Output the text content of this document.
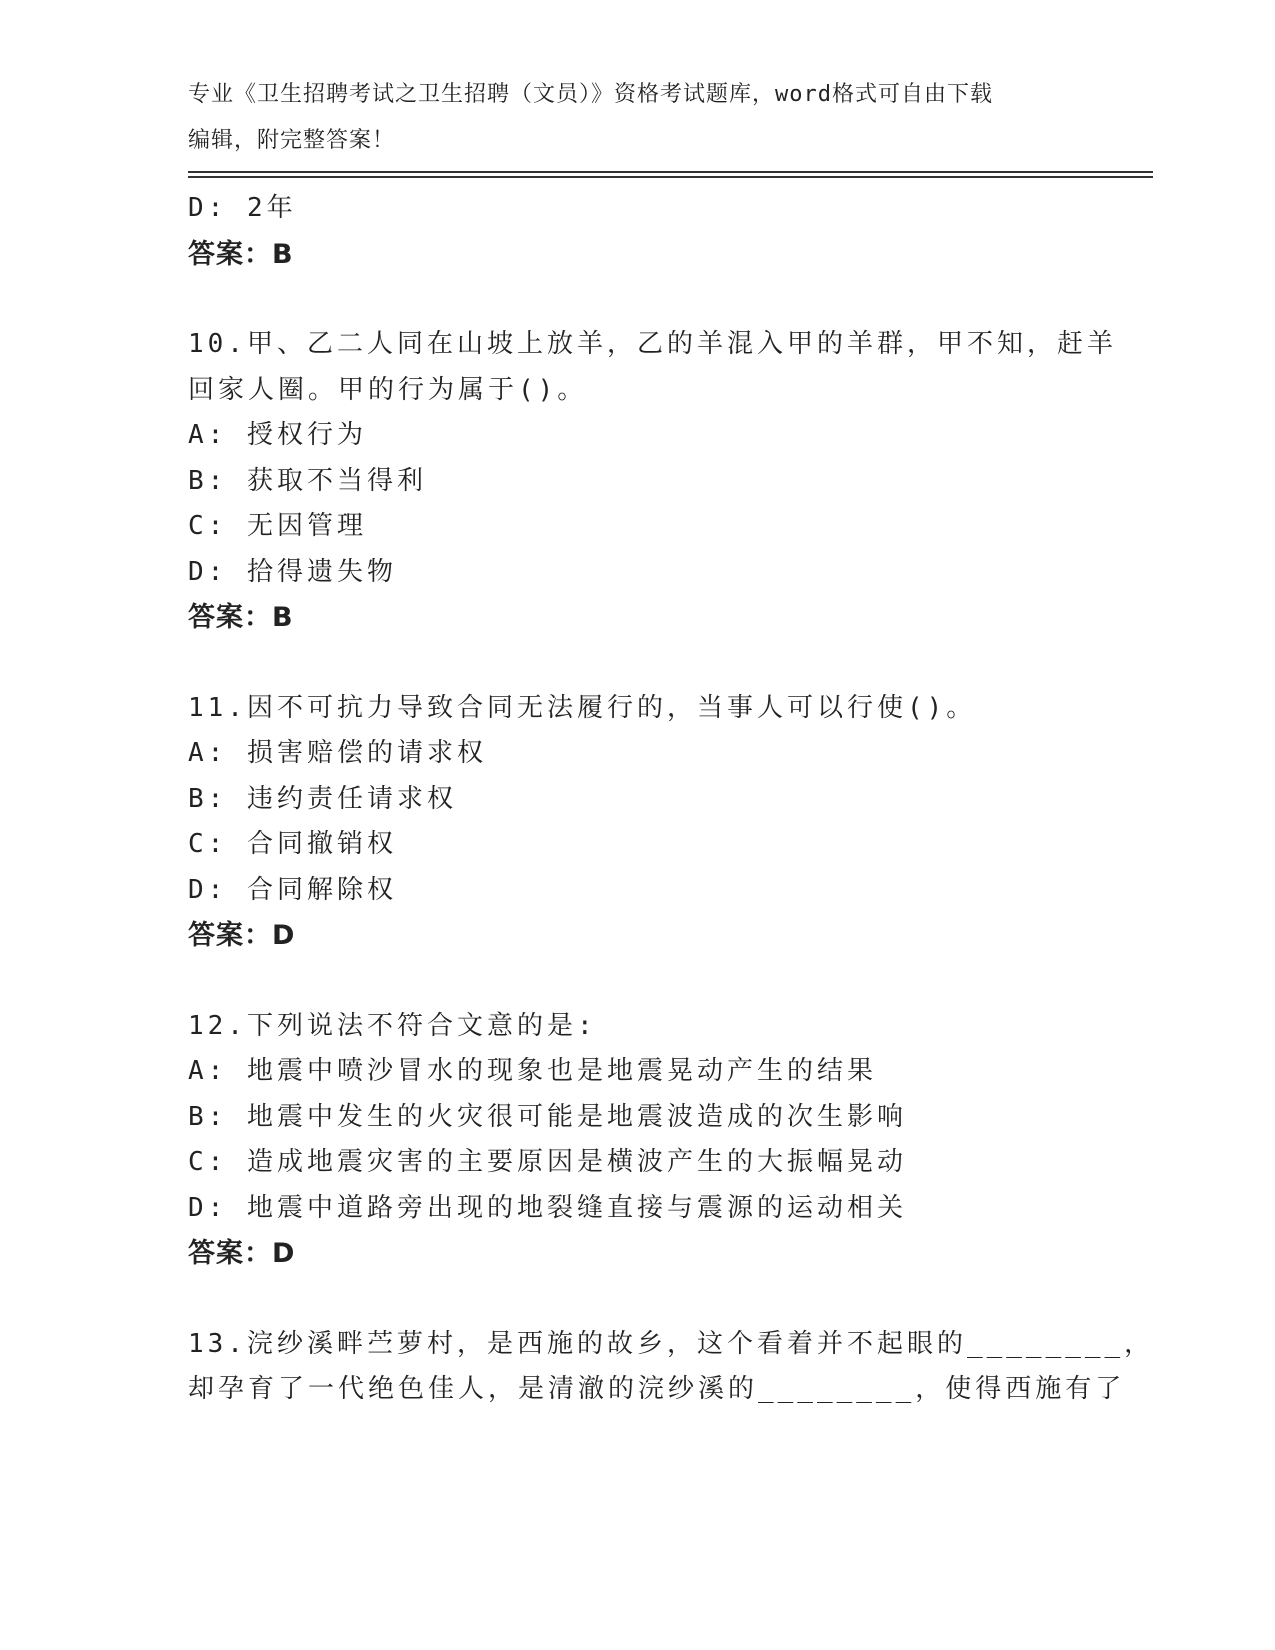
专业《卫生招聘考试之卫生招聘（文员）》资格考试题库，word格式可自由下载
编辑，附完整答案！
D: 2年
答案：B
10.甲、乙二人同在山坡上放羊，乙的羊混入甲的羊群，甲不知，赶羊
回家人圈。甲的行为属于()。
A: 授权行为
B: 获取不当得利
C: 无因管理
D: 拾得遗失物
答案：B
11.因不可抗力导致合同无法履行的，当事人可以行使()。
A: 损害赔偿的请求权
B: 违约责任请求权
C: 合同撤销权
D: 合同解除权
答案：D
12.下列说法不符合文意的是:
A: 地震中喷沙冒水的现象也是地震晃动产生的结果
B: 地震中发生的火灾很可能是地震波造成的次生影响
C: 造成地震灾害的主要原因是横波产生的大振幅晃动
D: 地震中道路旁出现的地裂缝直接与震源的运动相关
答案：D
13.浣纱溪畔苎萝村，是西施的故乡，这个看着并不起眼的________，
却孕育了一代绝色佳人，是清澈的浣纱溪的________，使得西施有了
